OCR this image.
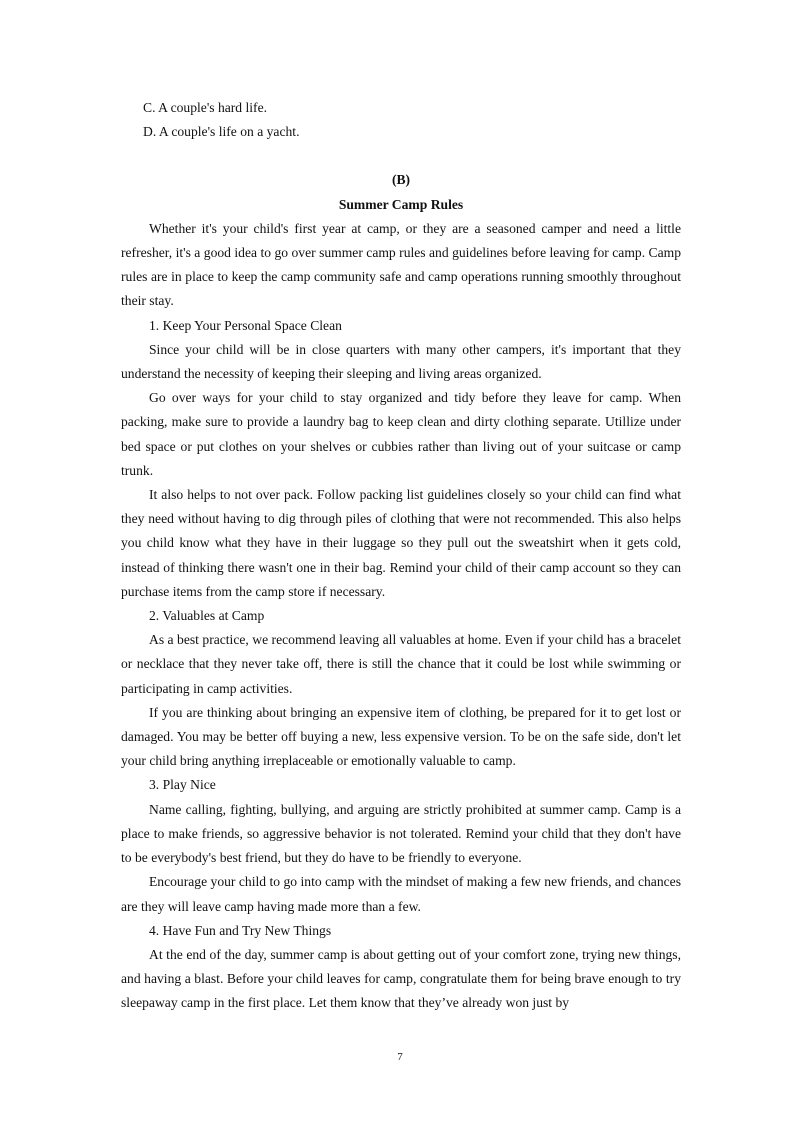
C. A couple's hard life.

D. A couple's life on a yacht.

(B)

Summer Camp Rules

Whether it's your child's first year at camp, or they are a seasoned camper and need a little refresher, it's a good idea to go over summer camp rules and guidelines before leaving for camp. Camp rules are in place to keep the camp community safe and camp operations running smoothly throughout their stay.

1. Keep Your Personal Space Clean

Since your child will be in close quarters with many other campers, it's important that they understand the necessity of keeping their sleeping and living areas organized.

Go over ways for your child to stay organized and tidy before they leave for camp. When packing, make sure to provide a laundry bag to keep clean and dirty clothing separate. Utillize under bed space or put clothes on your shelves or cubbies rather than living out of your suitcase or camp trunk.

It also helps to not over pack. Follow packing list guidelines closely so your child can find what they need without having to dig through piles of clothing that were not recommended. This also helps you child know what they have in their luggage so they pull out the sweatshirt when it gets cold, instead of thinking there wasn't one in their bag. Remind your child of their camp account so they can purchase items from the camp store if necessary.

2. Valuables at Camp

As a best practice, we recommend leaving all valuables at home. Even if your child has a bracelet or necklace that they never take off, there is still the chance that it could be lost while swimming or participating in camp activities.

If you are thinking about bringing an expensive item of clothing, be prepared for it to get lost or damaged. You may be better off buying a new, less expensive version. To be on the safe side, don't let your child bring anything irreplaceable or emotionally valuable to camp.

3. Play Nice

Name calling, fighting, bullying, and arguing are strictly prohibited at summer camp. Camp is a place to make friends, so aggressive behavior is not tolerated. Remind your child that they don't have to be everybody's best friend, but they do have to be friendly to everyone.

Encourage your child to go into camp with the mindset of making a few new friends, and chances are they will leave camp having made more than a few.

4. Have Fun and Try New Things

At the end of the day, summer camp is about getting out of your comfort zone, trying new things, and having a blast. Before your child leaves for camp, congratulate them for being brave enough to try sleepaway camp in the first place. Let them know that they’ve already won just by

7
